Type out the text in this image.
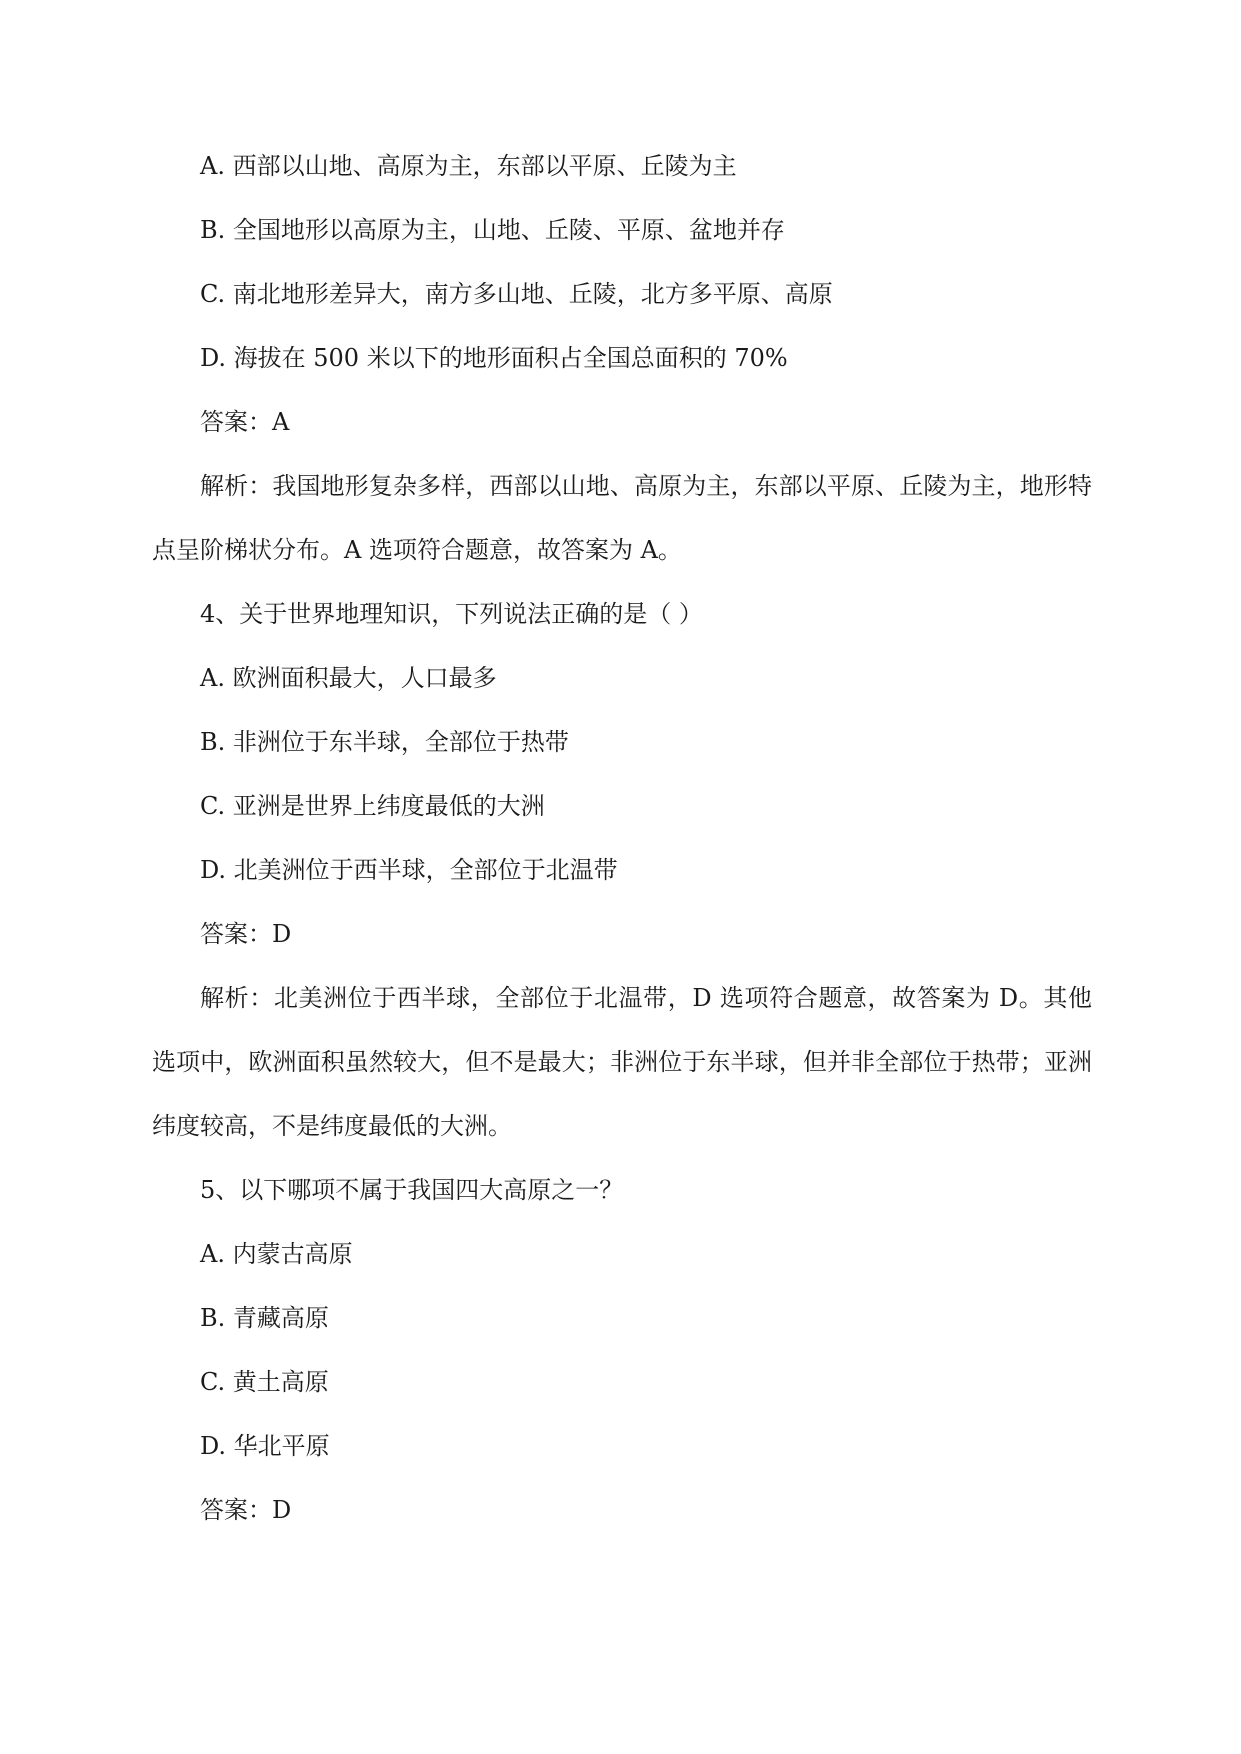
A. 西部以山地、高原为主，东部以平原、丘陵为主
B. 全国地形以高原为主，山地、丘陵、平原、盆地并存
C. 南北地形差异大，南方多山地、丘陵，北方多平原、高原
D. 海拔在 500 米以下的地形面积占全国总面积的 70%
答案：A
解析：我国地形复杂多样，西部以山地、高原为主，东部以平原、丘陵为主，地形特点呈阶梯状分布。A 选项符合题意，故答案为 A。
4、关于世界地理知识，下列说法正确的是（ ）
A. 欧洲面积最大，人口最多
B. 非洲位于东半球，全部位于热带
C. 亚洲是世界上纬度最低的大洲
D. 北美洲位于西半球，全部位于北温带
答案：D
解析：北美洲位于西半球，全部位于北温带，D 选项符合题意，故答案为 D。其他选项中，欧洲面积虽然较大，但不是最大；非洲位于东半球，但并非全部位于热带；亚洲纬度较高，不是纬度最低的大洲。
5、以下哪项不属于我国四大高原之一？
A. 内蒙古高原
B. 青藏高原
C. 黄土高原
D. 华北平原
答案：D
